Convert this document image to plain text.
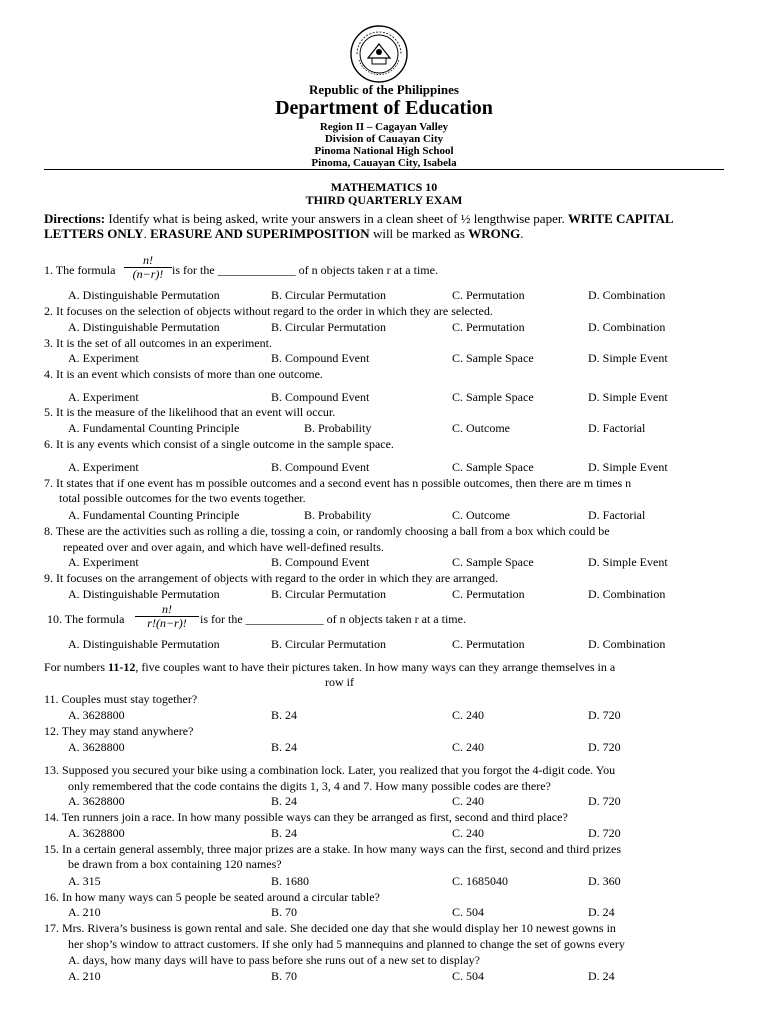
Republic of the Philippines
Department of Education
Region II – Cagayan Valley
Division of Cauayan City
Pinoma National High School
Pinoma, Cauayan City, Isabela
MATHEMATICS 10
THIRD QUARTERLY EXAM
Directions: Identify what is being asked, write your answers in a clean sheet of ½ lengthwise paper. WRITE CAPITAL LETTERS ONLY. ERASURE AND SUPERIMPOSITION will be marked as WRONG.
1. The formula $\frac{n!}{(n-r)!}$ is for the _____________ of n objects taken r at a time.
A. Distinguishable Permutation	B. Circular Permutation	C. Permutation	D. Combination
2. It focuses on the selection of objects without regard to the order in which they are selected.
A. Distinguishable Permutation	B. Circular Permutation	C. Permutation	D. Combination
3. It is the set of all outcomes in an experiment.
A. Experiment	B. Compound Event	C. Sample Space	D. Simple Event
4. It is an event which consists of more than one outcome.
A. Experiment	B. Compound Event	C. Sample Space	D. Simple Event
5. It is the measure of the likelihood that an event will occur.
A. Fundamental Counting Principle	B. Probability	C. Outcome	D. Factorial
6. It is any events which consist of a single outcome in the sample space.
A. Experiment	B. Compound Event	C. Sample Space	D. Simple Event
7. It states that if one event has m possible outcomes and a second event has n possible outcomes, then there are m times n
total possible outcomes for the two events together.
A. Fundamental Counting Principle	B. Probability	C. Outcome	D. Factorial
8. These are the activities such as rolling a die, tossing a coin, or randomly choosing a ball from a box which could be
repeated over and over again, and which have well-defined results.
A. Experiment	B. Compound Event	C. Sample Space	D. Simple Event
9. It focuses on the arrangement of objects with regard to the order in which they are arranged.
A. Distinguishable Permutation	B. Circular Permutation	C. Permutation	D. Combination
10. The formula $\frac{n!}{r!(n-r)!}$ is for the _____________ of n objects taken r at a time.
A. Distinguishable Permutation	B. Circular Permutation	C. Permutation	D. Combination
For numbers 11-12, five couples want to have their pictures taken. In how many ways can they arrange themselves in a
row if
11. Couples must stay together?
A. 3628800	B. 24	C. 240	D. 720
12. They may stand anywhere?
A. 3628800	B. 24	C. 240	D. 720
13. Supposed you secured your bike using a combination lock. Later, you realized that you forgot the 4-digit code. You
only remembered that the code contains the digits 1, 3, 4 and 7. How many possible codes are there?
A. 3628800	B. 24	C. 240	D. 720
14. Ten runners join a race. In how many possible ways can they be arranged as first, second and third place?
A. 3628800	B. 24	C. 240	D. 720
15. In a certain general assembly, three major prizes are a stake. In how many ways can the first, second and third prizes
be drawn from a box containing 120 names?
A. 315	B. 1680	C. 1685040	D. 360
16. In how many ways can 5 people be seated around a circular table?
A. 210	B. 70	C. 504	D. 24
17. Mrs. Rivera’s business is gown rental and sale. She decided one day that she would display her 10 newest gowns in
her shop’s window to attract customers. If she only had 5 mannequins and planned to change the set of gowns every
A. days, how many days will have to pass before she runs out of a new set to display?
A. 210	B. 70	C. 504	D. 24
